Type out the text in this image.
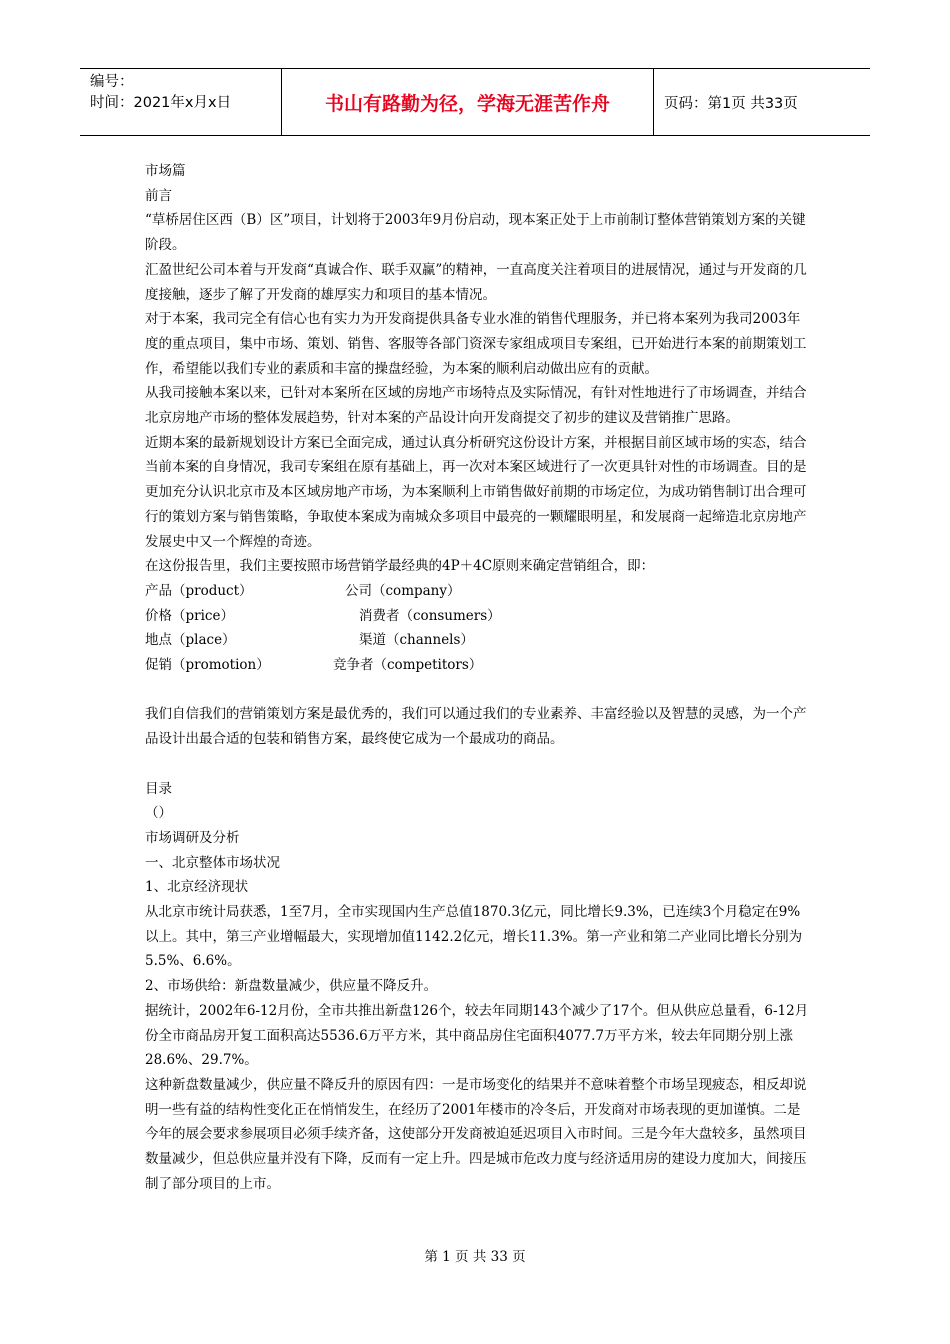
编号：
时间：2021年x月x日	书山有路勤为径，学海无涯苦作舟	页码：第1页 共33页

市场篇

前言

“草桥居住区西（B）区”项目，计划将于2003年9月份启动，现本案正处于上市前制订整体营销策划方案的关键阶段。

汇盈世纪公司本着与开发商“真诚合作、联手双赢”的精神，一直高度关注着项目的进展情况，通过与开发商的几度接触，逐步了解了开发商的雄厚实力和项目的基本情况。

对于本案，我司完全有信心也有实力为开发商提供具备专业水准的销售代理服务，并已将本案列为我司2003年度的重点项目，集中市场、策划、销售、客服等各部门资深专家组成项目专案组，已开始进行本案的前期策划工作，希望能以我们专业的素质和丰富的操盘经验，为本案的顺利启动做出应有的贡献。

从我司接触本案以来，已针对本案所在区域的房地产市场特点及实际情况，有针对性地进行了市场调查，并结合北京房地产市场的整体发展趋势，针对本案的产品设计向开发商提交了初步的建议及营销推广思路。

近期本案的最新规划设计方案已全面完成，通过认真分析研究这份设计方案，并根据目前区域市场的实态，结合当前本案的自身情况，我司专案组在原有基础上，再一次对本案区域进行了一次更具针对性的市场调查。目的是更加充分认识北京市及本区域房地产市场，为本案顺利上市销售做好前期的市场定位，为成功销售制订出合理可行的策划方案与销售策略，争取使本案成为南城众多项目中最亮的一颗耀眼明星，和发展商一起缔造北京房地产发展史中又一个辉煌的奇迹。

在这份报告里，我们主要按照市场营销学最经典的4P＋4C原则来确定营销组合，即：

产品（product）	公司（company）
价格（price）	消费者（consumers）
地点（place）	渠道（channels）
促销（promotion）	竞争者（competitors）

我们自信我们的营销策划方案是最优秀的，我们可以通过我们的专业素养、丰富经验以及智慧的灵感，为一个产品设计出最合适的包装和销售方案，最终使它成为一个最成功的商品。

目录

（）

市场调研及分析

一、北京整体市场状况

1、北京经济现状

从北京市统计局获悉，1至7月，全市实现国内生产总值1870.3亿元，同比增长9.3%，已连续3个月稳定在9%以上。其中，第三产业增幅最大，实现增加值1142.2亿元，增长11.3%。第一产业和第二产业同比增长分别为5.5%、6.6%。

2、市场供给：新盘数量减少，供应量不降反升。

据统计，2002年6-12月份，全市共推出新盘126个，较去年同期143个减少了17个。但从供应总量看，6-12月份全市商品房开复工面积高达5536.6万平方米，其中商品房住宅面积4077.7万平方米，较去年同期分别上涨28.6%、29.7%。

这种新盘数量减少，供应量不降反升的原因有四：一是市场变化的结果并不意味着整个市场呈现疲态，相反却说明一些有益的结构性变化正在悄悄发生，在经历了2001年楼市的冷冬后，开发商对市场表现的更加谨慎。二是今年的展会要求参展项目必须手续齐备，这使部分开发商被迫延迟项目入市时间。三是今年大盘较多，虽然项目数量减少，但总供应量并没有下降，反而有一定上升。四是城市危改力度与经济适用房的建设力度加大，间接压制了部分项目的上市。

第 1 页 共 33 页
